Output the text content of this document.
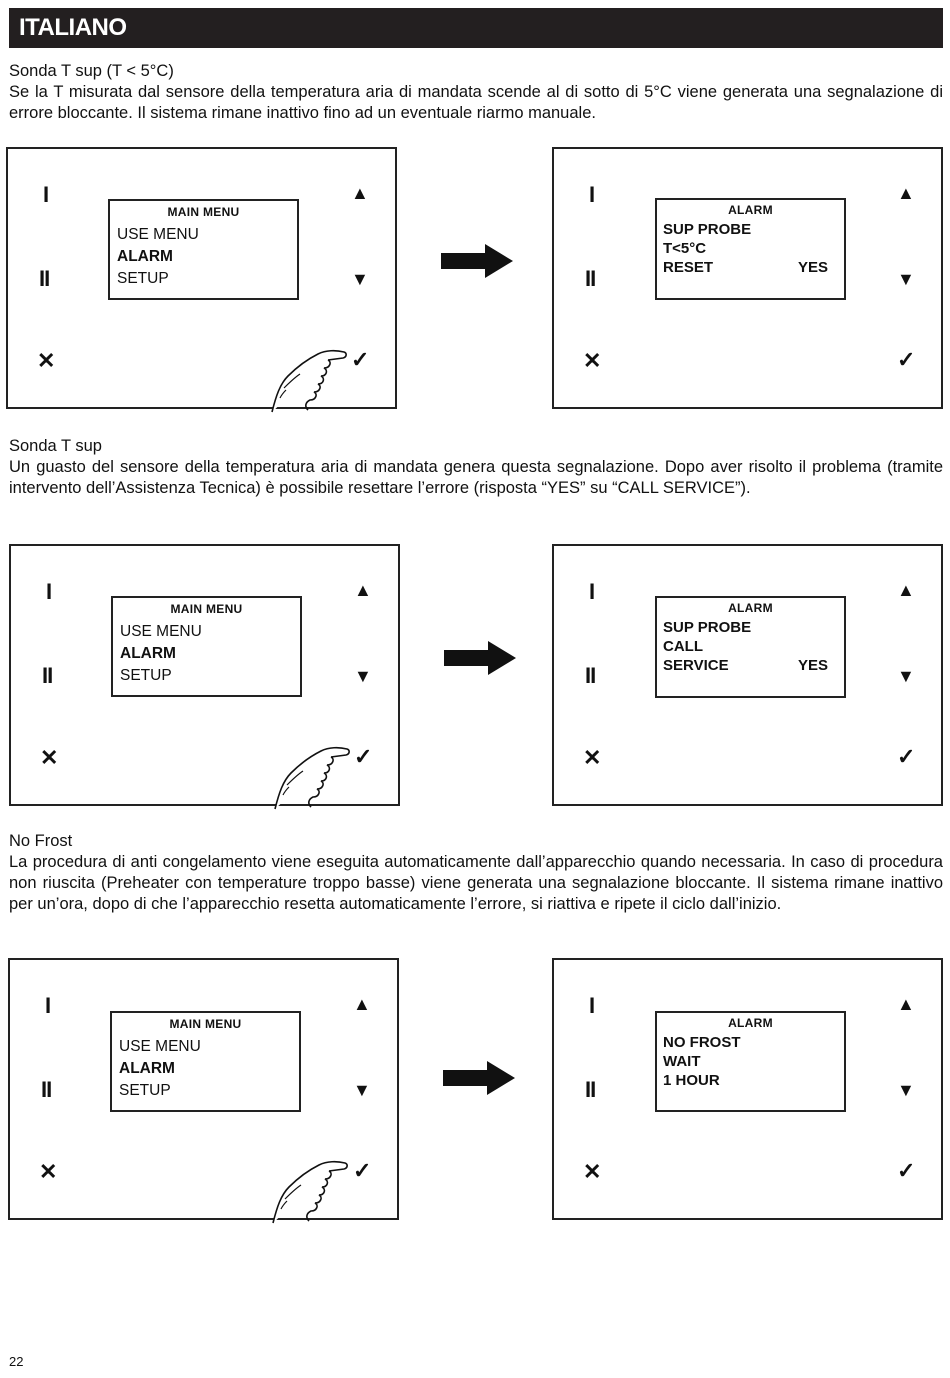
ITALIANO

Sonda T sup (T < 5°C)

Se la T misurata dal sensore della temperatura aria di mandata scende al di sotto di 5°C viene generata una segnalazione di errore bloccante. Il sistema rimane inattivo fino ad un eventuale riarmo manuale.

Sonda T sup

Un guasto del sensore della temperatura aria di mandata genera questa segnalazione. Dopo aver risolto il problema (tramite intervento dell’Assistenza Tecnica) è possibile resettare l’errore (risposta “YES” su “CALL SERVICE”).

No Frost

La procedura di anti congelamento viene eseguita automaticamente dall’apparecchio quando necessaria. In caso di procedura non riuscita (Preheater con temperature troppo basse) viene generata una segnalazione bloccante. Il sistema rimane inattivo per un’ora, dopo di che l’apparecchio resetta automaticamente l’errore, si riattiva e ripete il ciclo dall’inizio.

I
II
✕
▲
▼
✓
MAIN MENU
USE MENU
ALARM
SETUP
I
II
✕
▲
▼
✓
ALARM
SUP PROBE
T<5°C
RESET	YES
I
II
✕
▲
▼
✓
MAIN MENU
USE MENU
ALARM
SETUP
I
II
✕
▲
▼
✓
ALARM
SUP PROBE
CALL
SERVICE	YES
I
II
✕
▲
▼
✓
MAIN MENU
USE MENU
ALARM
SETUP
I
II
✕
▲
▼
✓
ALARM
NO FROST
WAIT
1 HOUR
22
